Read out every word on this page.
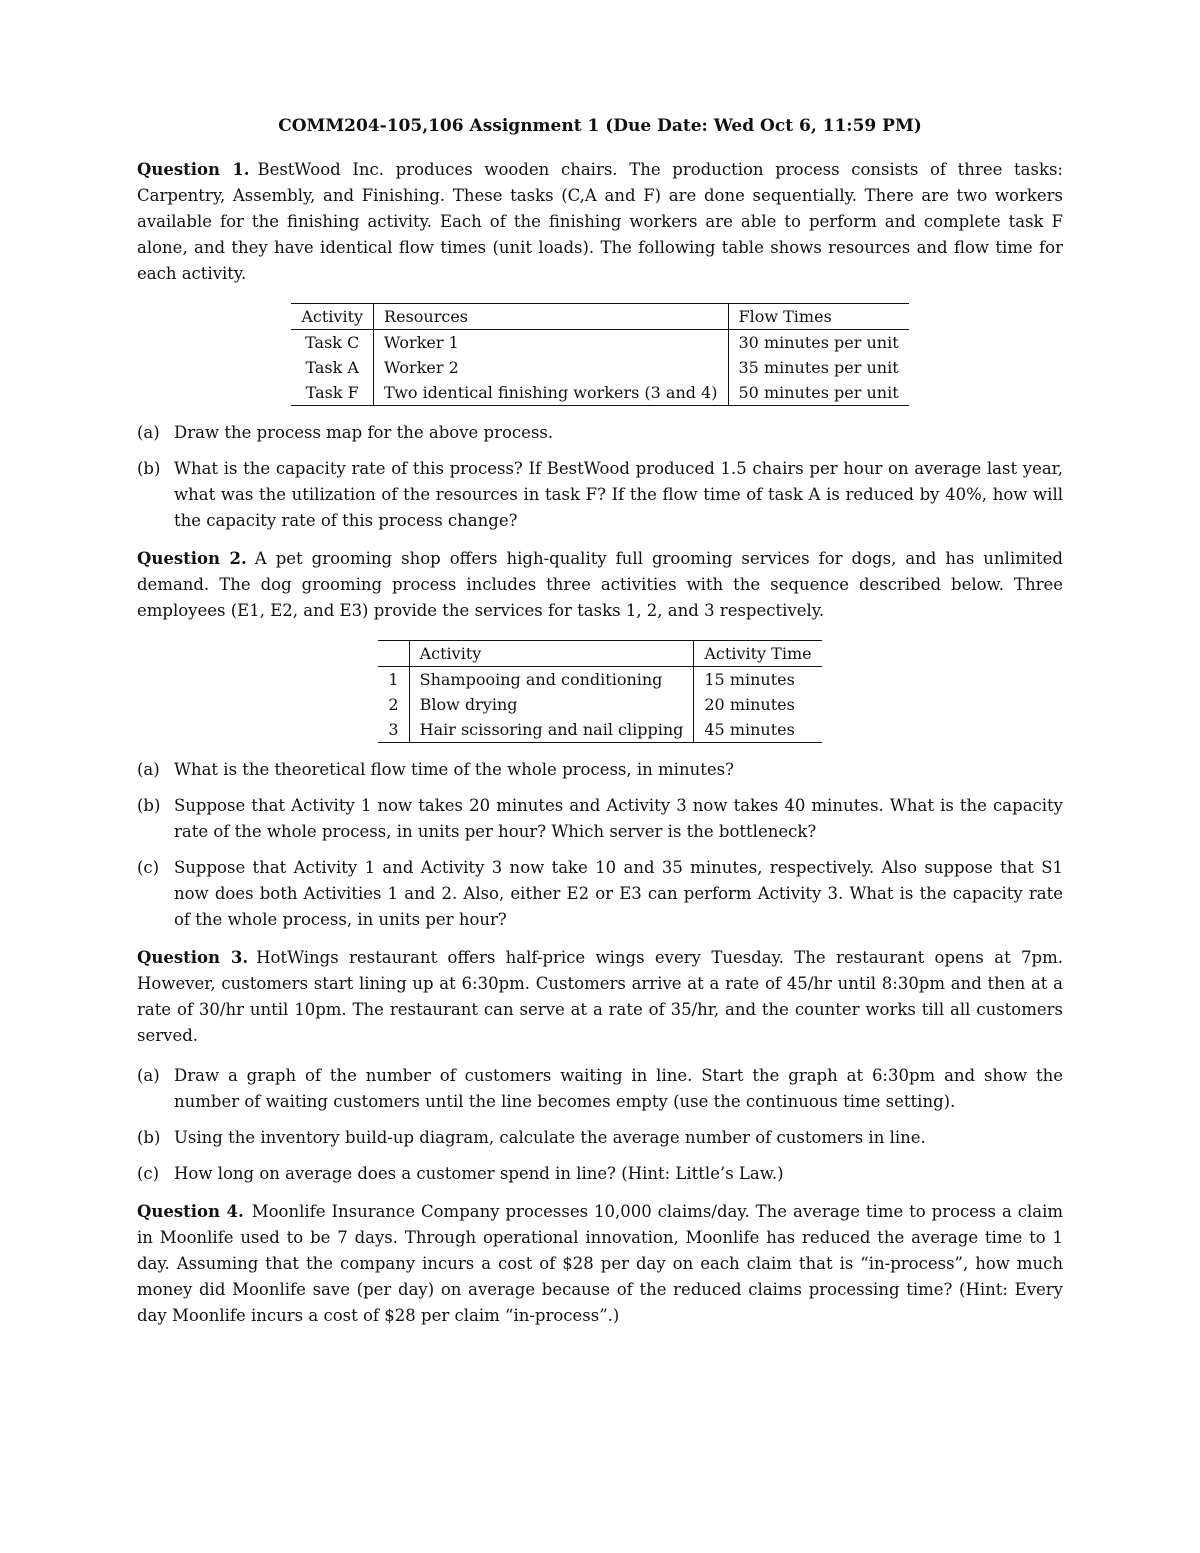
COMM204-105,106 Assignment 1 (Due Date: Wed Oct 6, 11:59 PM)
Question 1. BestWood Inc. produces wooden chairs. The production process consists of three tasks: Carpentry, Assembly, and Finishing. These tasks (C,A and F) are done sequentially. There are two workers available for the finishing activity. Each of the finishing workers are able to perform and complete task F alone, and they have identical flow times (unit loads). The following table shows resources and flow time for each activity.
Activity	Resources	Flow Times
Task C	Worker 1	30 minutes per unit
Task A	Worker 2	35 minutes per unit
Task F	Two identical finishing workers (3 and 4)	50 minutes per unit
(a) Draw the process map for the above process.
(b) What is the capacity rate of this process? If BestWood produced 1.5 chairs per hour on average last year, what was the utilization of the resources in task F? If the flow time of task A is reduced by 40%, how will the capacity rate of this process change?
Question 2. A pet grooming shop offers high-quality full grooming services for dogs, and has unlimited demand. The dog grooming process includes three activities with the sequence described below. Three employees (E1, E2, and E3) provide the services for tasks 1, 2, and 3 respectively.
	Activity	Activity Time
1	Shampooing and conditioning	15 minutes
2	Blow drying	20 minutes
3	Hair scissoring and nail clipping	45 minutes
(a) What is the theoretical flow time of the whole process, in minutes?
(b) Suppose that Activity 1 now takes 20 minutes and Activity 3 now takes 40 minutes. What is the capacity rate of the whole process, in units per hour? Which server is the bottleneck?
(c) Suppose that Activity 1 and Activity 3 now take 10 and 35 minutes, respectively. Also suppose that S1 now does both Activities 1 and 2. Also, either E2 or E3 can perform Activity 3. What is the capacity rate of the whole process, in units per hour?
Question 3. HotWings restaurant offers half-price wings every Tuesday. The restaurant opens at 7pm. However, customers start lining up at 6:30pm. Customers arrive at a rate of 45/hr until 8:30pm and then at a rate of 30/hr until 10pm. The restaurant can serve at a rate of 35/hr, and the counter works till all customers served.
(a) Draw a graph of the number of customers waiting in line. Start the graph at 6:30pm and show the number of waiting customers until the line becomes empty (use the continuous time setting).
(b) Using the inventory build-up diagram, calculate the average number of customers in line.
(c) How long on average does a customer spend in line? (Hint: Little’s Law.)
Question 4. Moonlife Insurance Company processes 10,000 claims/day. The average time to process a claim in Moonlife used to be 7 days. Through operational innovation, Moonlife has reduced the average time to 1 day. Assuming that the company incurs a cost of $28 per day on each claim that is “in-process”, how much money did Moonlife save (per day) on average because of the reduced claims processing time? (Hint: Every day Moonlife incurs a cost of $28 per claim “in-process”.)
